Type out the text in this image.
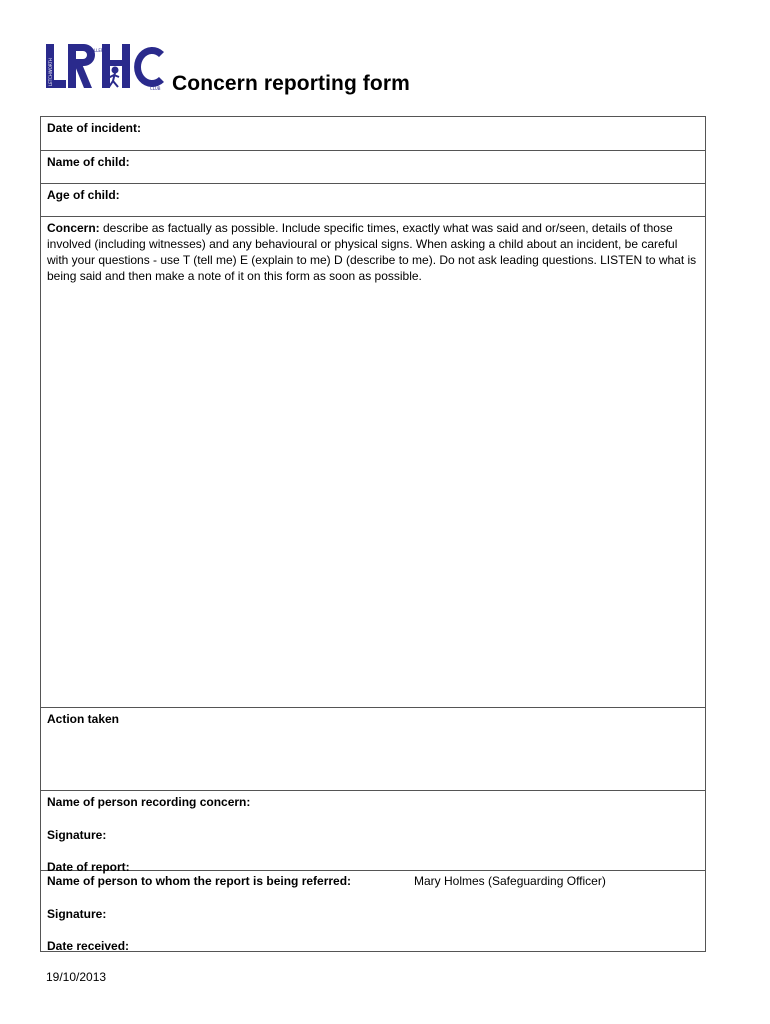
LETCHWORTH
ROLLER
HOCKEY
CLUB Concern reporting form
Date of incident:
Name of child:
Age of child:
Concern: describe as factually as possible. Include specific times, exactly what was said and or/seen, details of those involved (including witnesses) and any behavioural or physical signs. When asking a child about an incident, be careful with your questions - use T (tell me) E (explain to me) D (describe to me). Do not ask leading questions. LISTEN to what is being said and then make a note of it on this form as soon as possible.
Action taken
Name of person recording concern:
Signature:
Date of report:
Name of person to whom the report is being referred:	Mary Holmes (Safeguarding Officer)
Signature:
Date received:
19/10/2013
